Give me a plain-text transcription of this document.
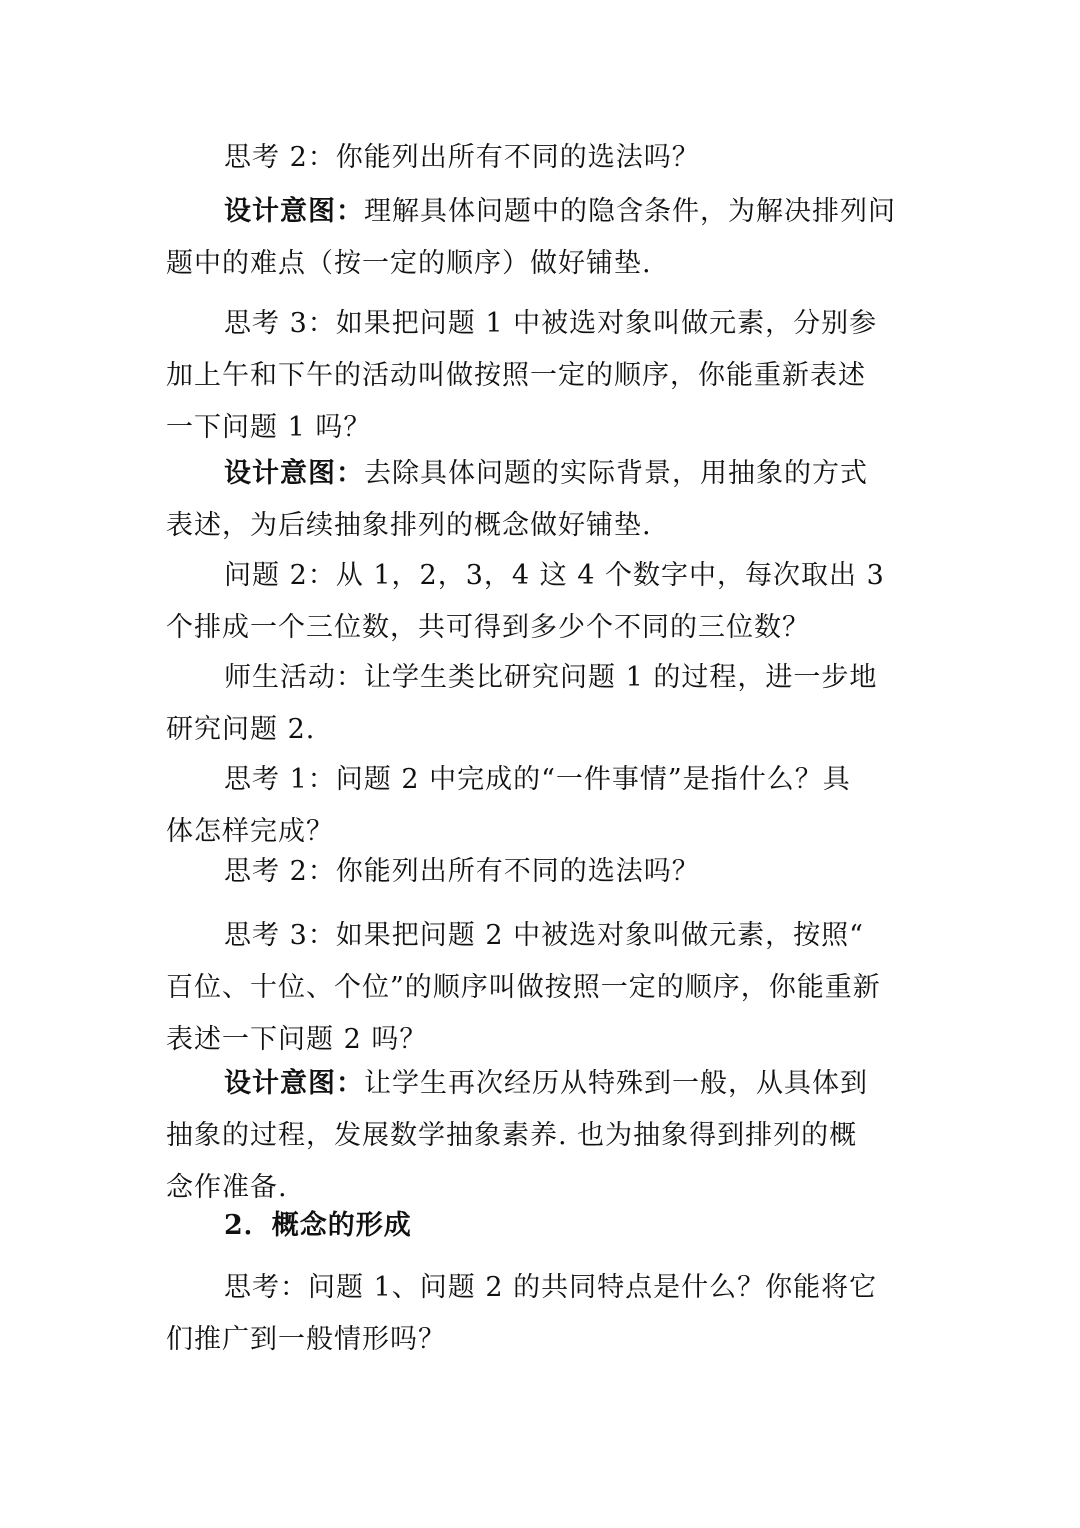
思考 2：你能列出所有不同的选法吗？
设计意图：理解具体问题中的隐含条件，为解决排列问
题中的难点（按一定的顺序）做好铺垫.
思考 3：如果把问题 1 中被选对象叫做元素，分别参
加上午和下午的活动叫做按照一定的顺序，你能重新表述
一下问题 1 吗？
设计意图：去除具体问题的实际背景，用抽象的方式
表述，为后续抽象排列的概念做好铺垫.
问题 2：从 1，2，3，4 这 4 个数字中，每次取出 3
个排成一个三位数，共可得到多少个不同的三位数？
师生活动：让学生类比研究问题 1 的过程，进一步地
研究问题 2.
思考 1：问题 2 中完成的“一件事情”是指什么？具
体怎样完成？
思考 2：你能列出所有不同的选法吗？
思考 3：如果把问题 2 中被选对象叫做元素，按照“
百位、十位、个位”的顺序叫做按照一定的顺序，你能重新
表述一下问题 2 吗？
设计意图：让学生再次经历从特殊到一般，从具体到
抽象的过程，发展数学抽象素养. 也为抽象得到排列的概
念作准备.
2．概念的形成
思考：问题 1、问题 2 的共同特点是什么？你能将它
们推广到一般情形吗？
